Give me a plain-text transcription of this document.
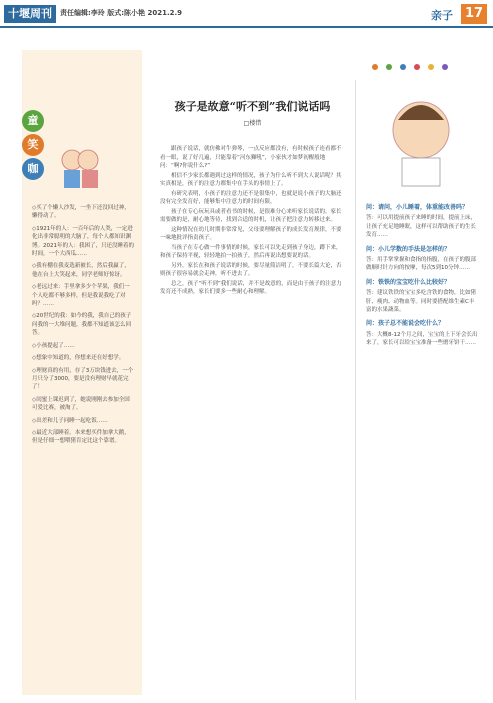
十堰周刊	责任编辑:李玲 版式:陈小艳 2021.2.9	亲子 17
童
笑
咖

◇买了个懒人沙发，一坐下还没回过神，懒得动了。

◇1921年的人：一百年后的人类，一定进化出非常聪明的大脑了，每个人都知识渊博。2021年的人：我困了，只还没睡着的时间，一个大西瓜……

◇我有棚在我麦选新被长，然后我赢了，他在台上大笑起来，同学老师好惊讶。

◇老远过来：手里拿多少个苹果，我们一个人吃都不够多样，但是我说我吃了对吗？……

◇20世纪的我：如今的我，我自己的孩子问我的一大堆问题，我都不知道该怎么回答。

◇小孩提起了……

◇想象中知道的，你想来还在好想学。

◇理财真的有用，存了3万块钱进去，一个月只分了3000，要是没有理财早就花完了！

◇闺蜜上课迟到了，她说刚刚去参加全国可爱比赛，被淘了。

◇出差和儿子同睡一起吃饭……

◇最近大部睡着。本来想买件加拿大鹅，但是仔细一想喂猪肯定比这个靠谱。

孩子是故意“听不到”我们说话吗
□楼惜

跟孩子说话，就仿佛对牛弹琴，一点反应都没有，有时候孩子连看都不看一眼，说了好几遍，只能靠着“河东狮吼”，小家伙才如梦初醒般地问：“啊?你说什么?”

相信不少家长都遇到过这样的情况，孩子为什么听不到大人说话呢？其实真相是，孩子的注意力都集中在手头的事情上了。

有研究表明，小孩子的注意力还不是很集中，也就是说小孩子的大脑还没有完全发育好，能够集中注意力的时间有限。

孩子在专心玩玩具或者看书的时候，是很难分心来听家长说话的。家长需要做的是，耐心地等待，找到合适的时机，让孩子把注意力转移过来。

这种情况在幼儿时期非常常见，父母要理解孩子的成长发育规律，不要一味地批评指责孩子。

当孩子在专心做一件事情的时候，家长可以先走到孩子身边，蹲下来，和孩子保持平视，轻轻地拍一拍孩子，然后再说出想要说的话。

另外，家长在和孩子说话的时候，要尽量简洁明了，不要长篇大论，否则孩子很容易就会走神，听不进去了。

总之，孩子“听不到”我们说话，并不是故意的，而是由于孩子的注意力发育还不成熟，家长们要多一些耐心和理解。

问：请问，小儿睡着，体重能改善吗？

答：可以用提前孩子来睡的时间，提前上床，让孩子充足地睡眠，这样可以帮助孩子的生长发育……

问：小儿学数的手法是怎样的？

答：用手掌掌握和食指的指腹，在孩子的腹部做顺时针方向的按摩，每次5到10分钟……

问：铁铁的宝宝吃什么比较好？

答：建议铁铁的宝宝多吃含铁的食物，比如猪肝、瘦肉、动物血等。同时要搭配维生素C丰富的水果蔬菜。

问：孩子总不能说会吃什么？

答：大概8-12个月之间，宝宝的上下牙会长出来了，家长可以给宝宝准备一些磨牙饼干……
